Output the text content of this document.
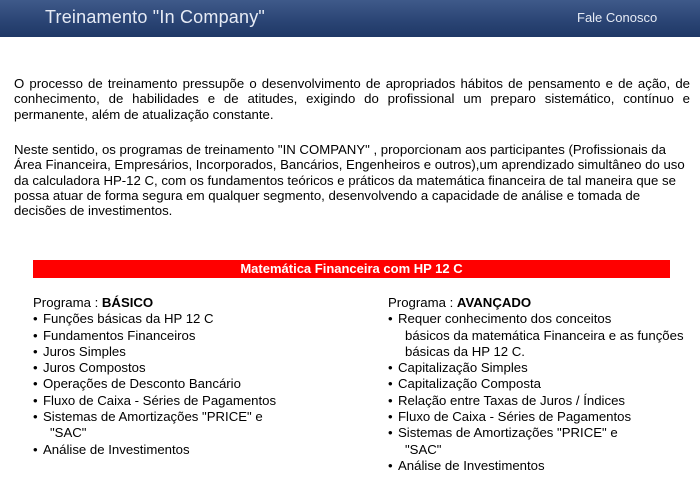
Treinamento "In Company"	Fale Conosco

O processo de treinamento pressupõe o desenvolvimento de apropriados hábitos de pensamento e de ação, de conhecimento, de habilidades e de atitudes, exigindo do profissional um preparo sistemático, contínuo e permanente, além de atualização constante.

Neste sentido, os programas de treinamento "IN COMPANY" , proporcionam aos participantes (Profissionais da Área Financeira, Empresários, Incorporados, Bancários, Engenheiros e outros),um aprendizado simultâneo do uso da calculadora HP-12 C, com os fundamentos teóricos e práticos da matemática financeira de tal maneira que se possa atuar de forma segura em qualquer segmento, desenvolvendo a capacidade de análise e tomada de decisões de investimentos.

Matemática Financeira com HP 12 C
Programa : BÁSICO
• Funções básicas da HP 12 C
• Fundamentos Financeiros
• Juros Simples
• Juros Compostos
• Operações de Desconto Bancário
• Fluxo de Caixa - Séries de Pagamentos
• Sistemas de Amortizações "PRICE" e
"SAC"
• Análise de Investimentos
Programa : AVANÇADO
• Requer conhecimento dos conceitos
básicos da matemática Financeira e as funções básicas da HP 12 C.
• Capitalização Simples
• Capitalização Composta
• Relação entre Taxas de Juros / Índices
• Fluxo de Caixa - Séries de Pagamentos
• Sistemas de Amortizações "PRICE" e
"SAC"
• Análise de Investimentos
